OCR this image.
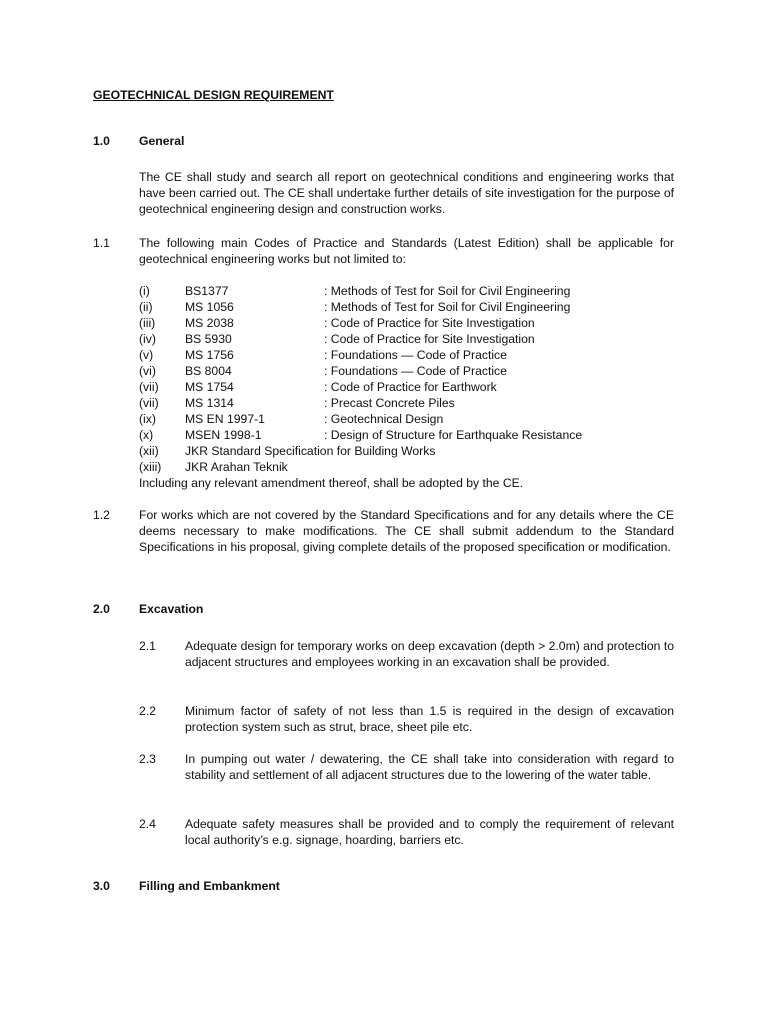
GEOTECHNICAL DESIGN REQUIREMENT
1.0 General
The CE shall study and search all report on geotechnical conditions and engineering works that have been carried out. The CE shall undertake further details of site investigation for the purpose of geotechnical engineering design and construction works.
1.1 The following main Codes of Practice and Standards (Latest Edition) shall be applicable for geotechnical engineering works but not limited to:
(i)	BS1377	: Methods of Test for Soil for Civil Engineering
(ii)	MS 1056	: Methods of Test for Soil for Civil Engineering
(iii) MS 2038	: Code of Practice for Site Investigation
(iv) BS 5930	: Code of Practice for Site Investigation
(v)	MS 1756	: Foundations — Code of Practice
(vi) BS 8004	: Foundations — Code of Practice
(vii) MS 1754	: Code of Practice for Earthwork
(vii) MS 1314	: Precast Concrete Piles
(ix) MS EN 1997-1	: Geotechnical Design
(x)	MSEN 1998-1	: Design of Structure for Earthquake Resistance
(xii) JKR Standard Specification for Building Works
(xiii) JKR Arahan Teknik
Including any relevant amendment thereof, shall be adopted by the CE.
1.2 For works which are not covered by the Standard Specifications and for any details where the CE deems necessary to make modifications. The CE shall submit addendum to the Standard Specifications in his proposal, giving complete details of the proposed specification or modification.
2.0 Excavation
2.1 Adequate design for temporary works on deep excavation (depth > 2.0m) and protection to adjacent structures and employees working in an excavation shall be provided.
2.2 Minimum factor of safety of not less than 1.5 is required in the design of excavation protection system such as strut, brace, sheet pile etc.
2.3 In pumping out water / dewatering, the CE shall take into consideration with regard to stability and settlement of all adjacent structures due to the lowering of the water table.
2.4 Adequate safety measures shall be provided and to comply the requirement of relevant local authority’s e.g. signage, hoarding, barriers etc.
3.0 Filling and Embankment
